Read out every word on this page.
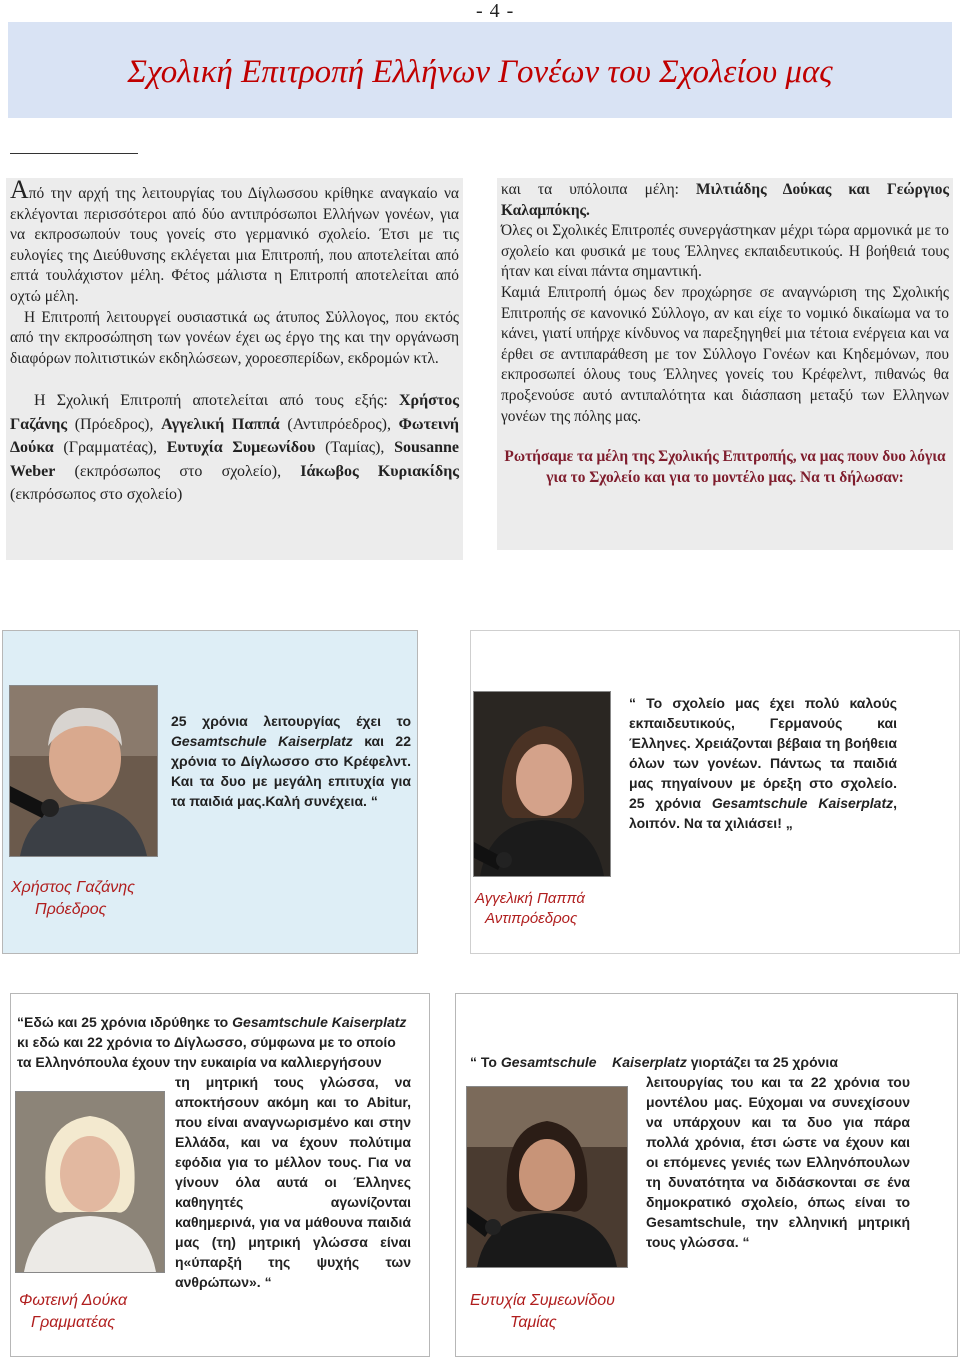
- 4 -
Σχολική Επιτροπή Ελλήνων Γονέων του Σχολείου μας

Από την αρχή της λειτουργίας του Δίγλωσσου κρίθηκε αναγκαίο να εκλέγονται περισσότεροι από δύο αντιπρόσωποι Ελλήνων γονέων, για να εκπροσωπούν τους γονείς στο γερμανικό σχολείο. Έτσι με τις ευλογίες της Διεύθυνσης εκλέγεται μια Επιτροπή, που αποτελείται από επτά τουλάχιστον μέλη. Φέτος μάλιστα η Επιτροπή αποτελείται από οχτώ μέλη.

Η Επιτροπή λειτουργεί ουσιαστικά ως άτυπος Σύλλογος, που εκτός από την εκπροσώπηση των γονέων έχει ως έργο της και την οργάνωση διαφόρων πολιτιστικών εκδηλώσεων, χοροεσπερίδων, εκδρομών κτλ.

Η Σχολική Επιτροπή αποτελείται από τους εξής: Χρήστος Γαζάνης (Πρόεδρος), Αγγελική Παππά (Αντιπρόεδρος), Φωτεινή Δούκα (Γραμματέας), Ευτυχία Συμεωνίδου (Ταμίας), Sousanne Weber (εκπρόσωπος στο σχολείο), Ιάκωβος Κυριακίδης (εκπρόσωπος στο σχολείο)

και τα υπόλοιπα μέλη: Μιλτιάδης Δούκας και Γεώργιος Καλαμπόκης.

Όλες οι Σχολικές Επιτροπές συνεργάστηκαν μέχρι τώρα αρμονικά με το σχολείο και φυσικά με τους Έλληνες εκπαιδευτικούς. Η βοήθειά τους ήταν και είναι πάντα σημαντική.

Καμιά Επιτροπή όμως δεν προχώρησε σε αναγνώριση της Σχολικής Επιτροπής σε κανονικό Σύλλογο, αν και είχε το νομικό δικαίωμα να το κάνει, γιατί υπήρχε κίνδυνος να παρεξηγηθεί μια τέτοια ενέργεια και να έρθει σε αντιπαράθεση με τον Σύλλογο Γονέων και Κηδεμόνων, που εκπροσωπεί όλους τους Έλληνες γονείς του Κρέφελντ, πιθανώς θα προξενούσε αυτό αντιπαλότητα και διάσπαση μεταξύ των Ελληνων γονέων της πόλης μας.

Ρωτήσαμε τα μέλη της Σχολικής Επιτροπής, να μας πουν δυο λόγια για το Σχολείο και για το μοντέλο μας. Να τι δήλωσαν:

25 χρόνια λειτουργίας έχει το Gesamtschule Kaiserplatz και 22 χρόνια το Δίγλωσσο στο Κρέφελντ. Και τα δυο με μεγάλη επιτυχία για τα παιδιά μας.Καλή συνέχεια. “
Χρήστος Γαζάνης
Πρόεδρος
“ Το σχολείο μας έχει πολύ καλούς εκπαιδευτικούς, Γερμανούς και Έλληνες. Χρειάζονται βέβαια τη βοήθεια όλων των γονέων. Πάντως τα παιδιά μας πηγαίνουν με όρεξη στο σχολείο. 25 χρόνια Gesamtschule Kaiserplatz, λοιπόν. Να τα χιλιάσει! „
Αγγελική Παππά
Αντιπρόεδρος
“Εδώ και 25 χρόνια ιδρύθηκε το Gesamtschule Kaiserplatz κι εδώ και 22 χρόνια το Δίγλωσσο, σύμφωνα με το οποίο τα Ελληνόπουλα έχουν την ευκαιρία να καλλιεργήσουν
τη μητρική τους γλώσσα, να αποκτήσουν ακόμη και το Abitur, που είναι αναγνωρισμένο και στην Ελλάδα, και να έχουν πολύτιμα εφόδια για το μέλλον τους. Για να γίνουν όλα αυτά οι Έλληνες καθηγητές αγωνίζονται καθημερινά, για να μάθουνα παιδιά μας (τη) μητρική γλώσσα είναι η«ύπαρξή της ψυχής των ανθρώπων». “
Φωτεινή Δούκα
Γραμματέας
“ Το Gesamtschule    Kaiserplatz γιορτάζει τα 25 χρόνια
λειτουργίας του και τα 22 χρόνια του μοντέλου μας. Εύχομαι να συνεχίσουν να υπάρχουν και τα δυο για πάρα πολλά χρόνια, έτσι ώστε να έχουν και οι επόμενες γενιές των Ελληνόπουλων τη δυνατότητα να διδάσκονται σε ένα δημοκρατικό σχολείο, όπως είναι το Gesamtschule, την ελληνική μητρική τους γλώσσα. “
Ευτυχία Συμεωνίδου
Ταμίας
